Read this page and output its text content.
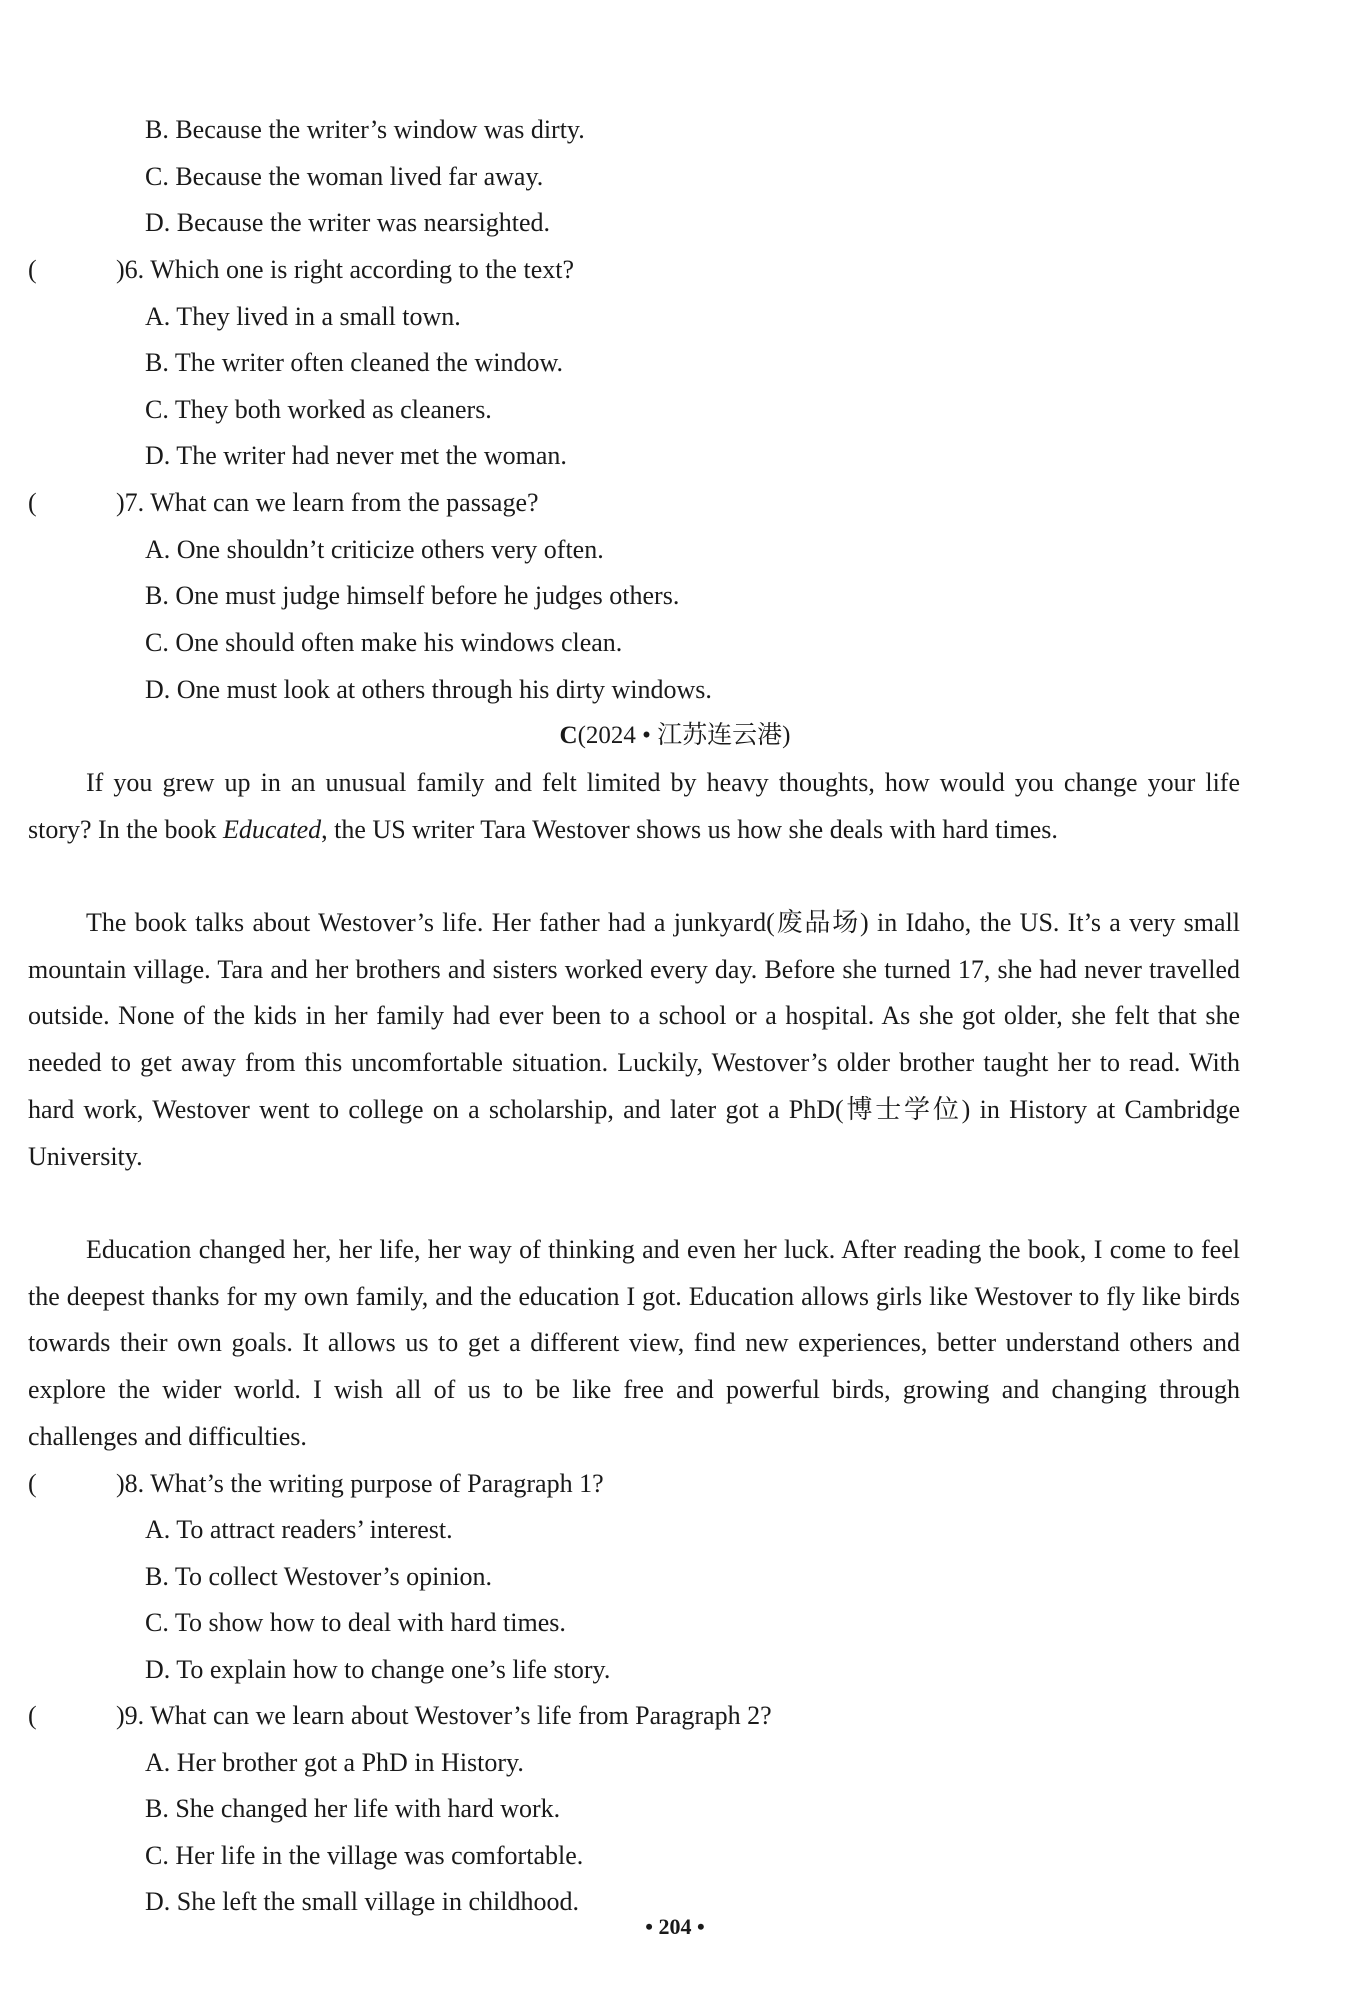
B. Because the writer’s window was dirty.
C. Because the woman lived far away.
D. Because the writer was nearsighted.
(	)6. Which one is right according to the text?
A. They lived in a small town.
B. The writer often cleaned the window.
C. They both worked as cleaners.
D. The writer had never met the woman.
(	)7. What can we learn from the passage?
A. One shouldn’t criticize others very often.
B. One must judge himself before he judges others.
C. One should often make his windows clean.
D. One must look at others through his dirty windows.
C(2024 • 江苏连云港)
If you grew up in an unusual family and felt limited by heavy thoughts, how would you change your life story? In the book Educated, the US writer Tara Westover shows us how she deals with hard times.
The book talks about Westover’s life. Her father had a junkyard(废品场) in Idaho, the US. It’s a very small mountain village. Tara and her brothers and sisters worked every day. Before she turned 17, she had never travelled outside. None of the kids in her family had ever been to a school or a hospital. As she got older, she felt that she needed to get away from this uncomfortable situation. Luckily, Westover’s older brother taught her to read. With hard work, Westover went to college on a scholarship, and later got a PhD(博士学位) in History at Cambridge University.
Education changed her, her life, her way of thinking and even her luck. After reading the book, I come to feel the deepest thanks for my own family, and the education I got. Education allows girls like Westover to fly like birds towards their own goals. It allows us to get a different view, find new experiences, better understand others and explore the wider world. I wish all of us to be like free and powerful birds, growing and changing through challenges and difficulties.
(	)8. What’s the writing purpose of Paragraph 1?
A. To attract readers’ interest.
B. To collect Westover’s opinion.
C. To show how to deal with hard times.
D. To explain how to change one’s life story.
(	)9. What can we learn about Westover’s life from Paragraph 2?
A. Her brother got a PhD in History.
B. She changed her life with hard work.
C. Her life in the village was comfortable.
D. She left the small village in childhood.
• 204 •
